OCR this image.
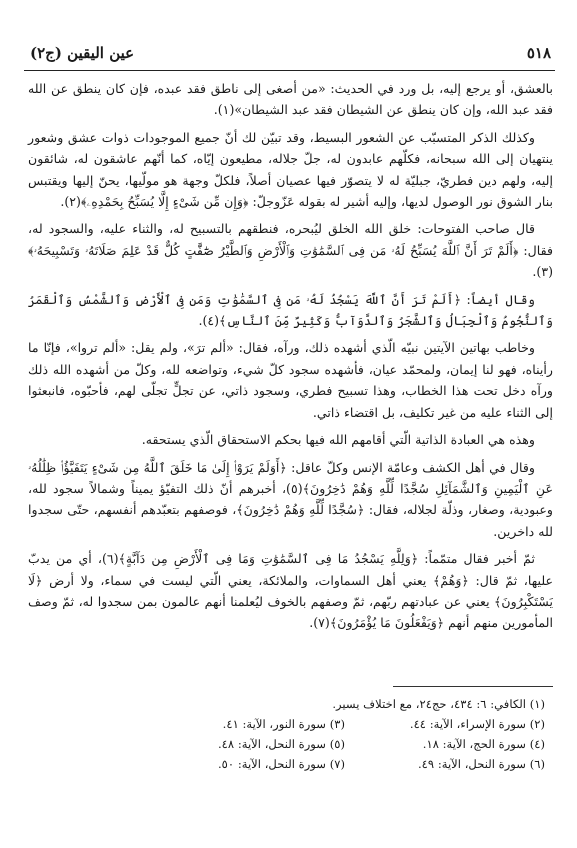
٥١٨
عين اليقين (ج٢)

بالعشق، أو يرجع إليه، بل ورد في الحديث: «من أصغى إلى ناطق فقد عبده، فإن كان ينطق عن الله فقد عبد الله، وإن كان ينطق عن الشيطان فقد عبد الشيطان»(١).

وكذلك الذكر المتسبّب عن الشعور البسيط، وقد تبيّن لك أنّ جميع الموجودات ذوات عشق وشعور ينتهيان إلى الله سبحانه، فكلّهم عابدون له، جلّ جلاله، مطيعون إيّاه، كما أنّهم عاشقون له، شائقون إليه، ولهم دين فطريّ، جبليّة له لا يتصوّر فيها عصيان أصلاً، فلكلّ وجهة هو مولّيها، يحنّ إليها ويقتبس بنار الشوق نور الوصول لديها، وإليه أشير له بقوله عَزّوجلّ: ﴿وَإِن مِّن شَىْءٍ إِلَّا يُسَبِّحُ بِحَمْدِهِۦ﴾(٢).

قال صاحب الفتوحات: خلق الله الخلق ليُبحره، فنطقهم بالتسبيح له، والثناء عليه، والسجود له، فقال: ﴿أَلَمْ تَرَ أَنَّ ٱللَّهَ يُسَبِّحُ لَهُۥ مَن فِى ٱلسَّمَٰوَٰتِ وَٱلْأَرْضِ وَٱلطَّيْرُ صَٰٓفَّٰتٍ كُلٌّ قَدْ عَلِمَ صَلَاتَهُۥ وَتَسْبِيحَهُۥ﴾(٣).

وقال أيضاً: ﴿أَلَمْ تَرَ أَنَّ ٱللَّهَ يَسْجُدُ لَهُۥ مَن فِى ٱلسَّمَٰوَٰتِ وَمَن فِى ٱلْأَرْضِ وَٱلشَّمْسُ وَٱلْقَمَرُ وَٱلنُّجُومُ وَٱلْجِبَالُ وَٱلشَّجَرُ وَٱلدَّوَآبُّ وَكَثِيرٌ مِّنَ ٱلنَّاسِ﴾(٤).

وخاطب بهاتين الآيتين نبيّه الّذي أشهده ذلك، ورآه، فقال: «ألم ترَ»، ولم يقل: «ألم تروا»، فإنّا ما رأيناه، فهو لنا إيمان، ولمحمّد عيان، فأشهده سجود كلّ شيء، وتواضعه لله، وكلّ من أشهده الله ذلك ورآه دخل تحت هذا الخطاب، وهذا تسبيح فطري، وسجود ذاتي، عن تجلٍّ تجلّى لهم، فأحبّوه، فانبعثوا إلى الثناء عليه من غير تكليف، بل اقتضاء ذاتي.

وهذه هي العبادة الذاتية الّتي أقامهم الله فيها بحكم الاستحقاق الّذي يستحقه.

وقال في أهل الكشف وعامّة الإنس وكلّ عاقل: ﴿أَوَلَمْ يَرَوْا۟ إِلَىٰ مَا خَلَقَ ٱللَّهُ مِن شَىْءٍ يَتَفَيَّؤُا۟ ظِلَٰلُهُۥ عَنِ ٱلْيَمِينِ وَٱلشَّمَآئِلِ سُجَّدًا لِّلَّهِ وَهُمْ دَٰخِرُونَ﴾(٥)، أخبرهم أنّ ذلك التفيّؤ يميناً وشمالاً سجود لله، وعبودية، وصغار، وذلّة لجلاله، فقال: ﴿سُجَّدًا لِّلَّهِ وَهُمْ دَٰخِرُونَ﴾، فوصفهم بتعبّدهم أنفسهم، حتّى سجدوا لله داخرين.

ثمّ أخبر فقال متمّماً: ﴿وَلِلَّهِ يَسْجُدُ مَا فِى ٱلسَّمَٰوَٰتِ وَمَا فِى ٱلْأَرْضِ مِن دَآبَّةٍ﴾(٦)، أي من يدبّ عليها، ثمّ قال: ﴿وَهُمْ﴾ يعني أهل السماوات، والملائكة، يعني الّتي ليست في سماء، ولا أرض ﴿لَا يَسْتَكْبِرُونَ﴾ يعني عن عبادتهم ربّهم، ثمّ وصفهم بالخوف ليُعلمنا أنهم عالمون بمن سجدوا له، ثمّ وصف المأمورين منهم أنهم ﴿وَيَفْعَلُونَ مَا يُؤْمَرُونَ﴾(٧).

(١) الكافي: ٦: ٤٣٤، حج٢٤، مع اختلاف يسير.
(٢) سورة الإسراء، الآية: ٤٤.
(٣) سورة النور، الآية: ٤١.
(٤) سورة الحج، الآية: ١٨.
(٥) سورة النحل، الآية: ٤٨.
(٦) سورة النحل، الآية: ٤٩.
(٧) سورة النحل، الآية: ٥٠.
